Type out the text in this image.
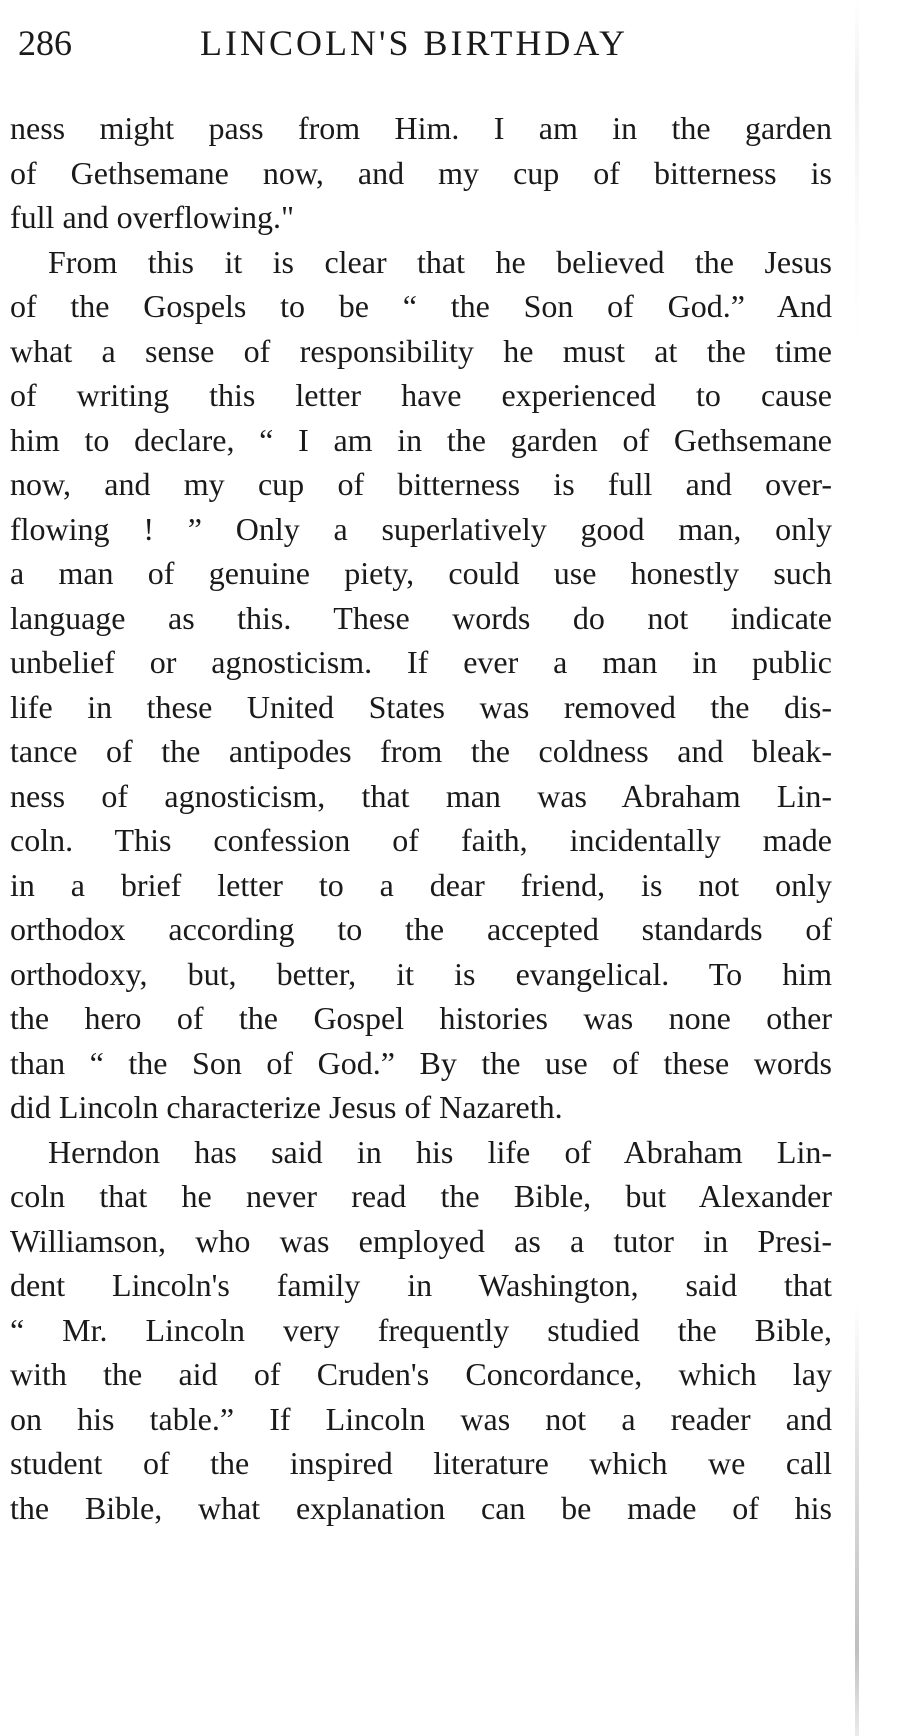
286	LINCOLN'S BIRTHDAY
ness might pass from Him. I am in the garden
of Gethsemane now, and my cup of bitterness is
full and overflowing."
From this it is clear that he believed the Jesus
of the Gospels to be “ the Son of God.” And
what a sense of responsibility he must at the time
of writing this letter have experienced to cause
him to declare, “ I am in the garden of Gethsemane
now, and my cup of bitterness is full and over-
flowing ! ” Only a superlatively good man, only
a man of genuine piety, could use honestly such
language as this. These words do not indicate
unbelief or agnosticism. If ever a man in public
life in these United States was removed the dis-
tance of the antipodes from the coldness and bleak-
ness of agnosticism, that man was Abraham Lin-
coln. This confession of faith, incidentally made
in a brief letter to a dear friend, is not only
orthodox according to the accepted standards of
orthodoxy, but, better, it is evangelical. To him
the hero of the Gospel histories was none other
than “ the Son of God.” By the use of these words
did Lincoln characterize Jesus of Nazareth.
Herndon has said in his life of Abraham Lin-
coln that he never read the Bible, but Alexander
Williamson, who was employed as a tutor in Presi-
dent Lincoln's family in Washington, said that
“ Mr. Lincoln very frequently studied the Bible,
with the aid of Cruden's Concordance, which lay
on his table.” If Lincoln was not a reader and
student of the inspired literature which we call
the Bible, what explanation can be made of his
